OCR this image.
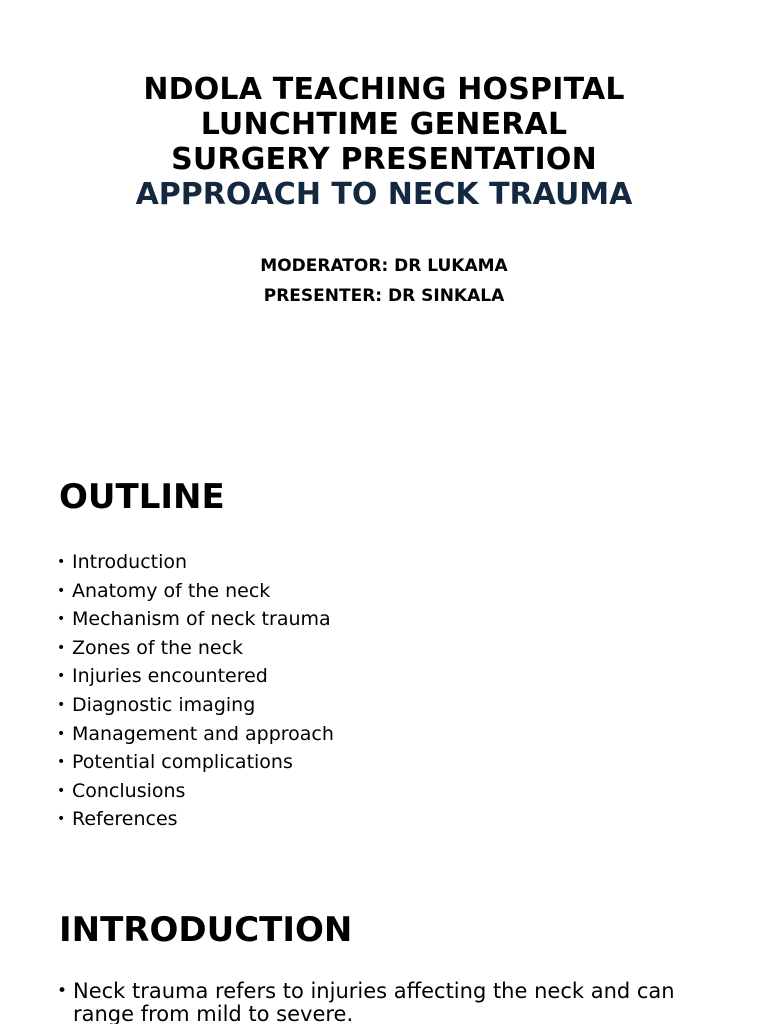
NDOLA TEACHING HOSPITAL
LUNCHTIME GENERAL
SURGERY PRESENTATION
APPROACH TO NECK TRAUMA
MODERATOR: DR LUKAMA
PRESENTER: DR SINKALA
OUTLINE
• Introduction
• Anatomy of the neck
• Mechanism of neck trauma
• Zones of the neck
• Injuries encountered
• Diagnostic imaging
• Management and approach
• Potential complications
• Conclusions
• References
INTRODUCTION
• Neck trauma refers to injuries affecting the neck and can range from mild to severe.
